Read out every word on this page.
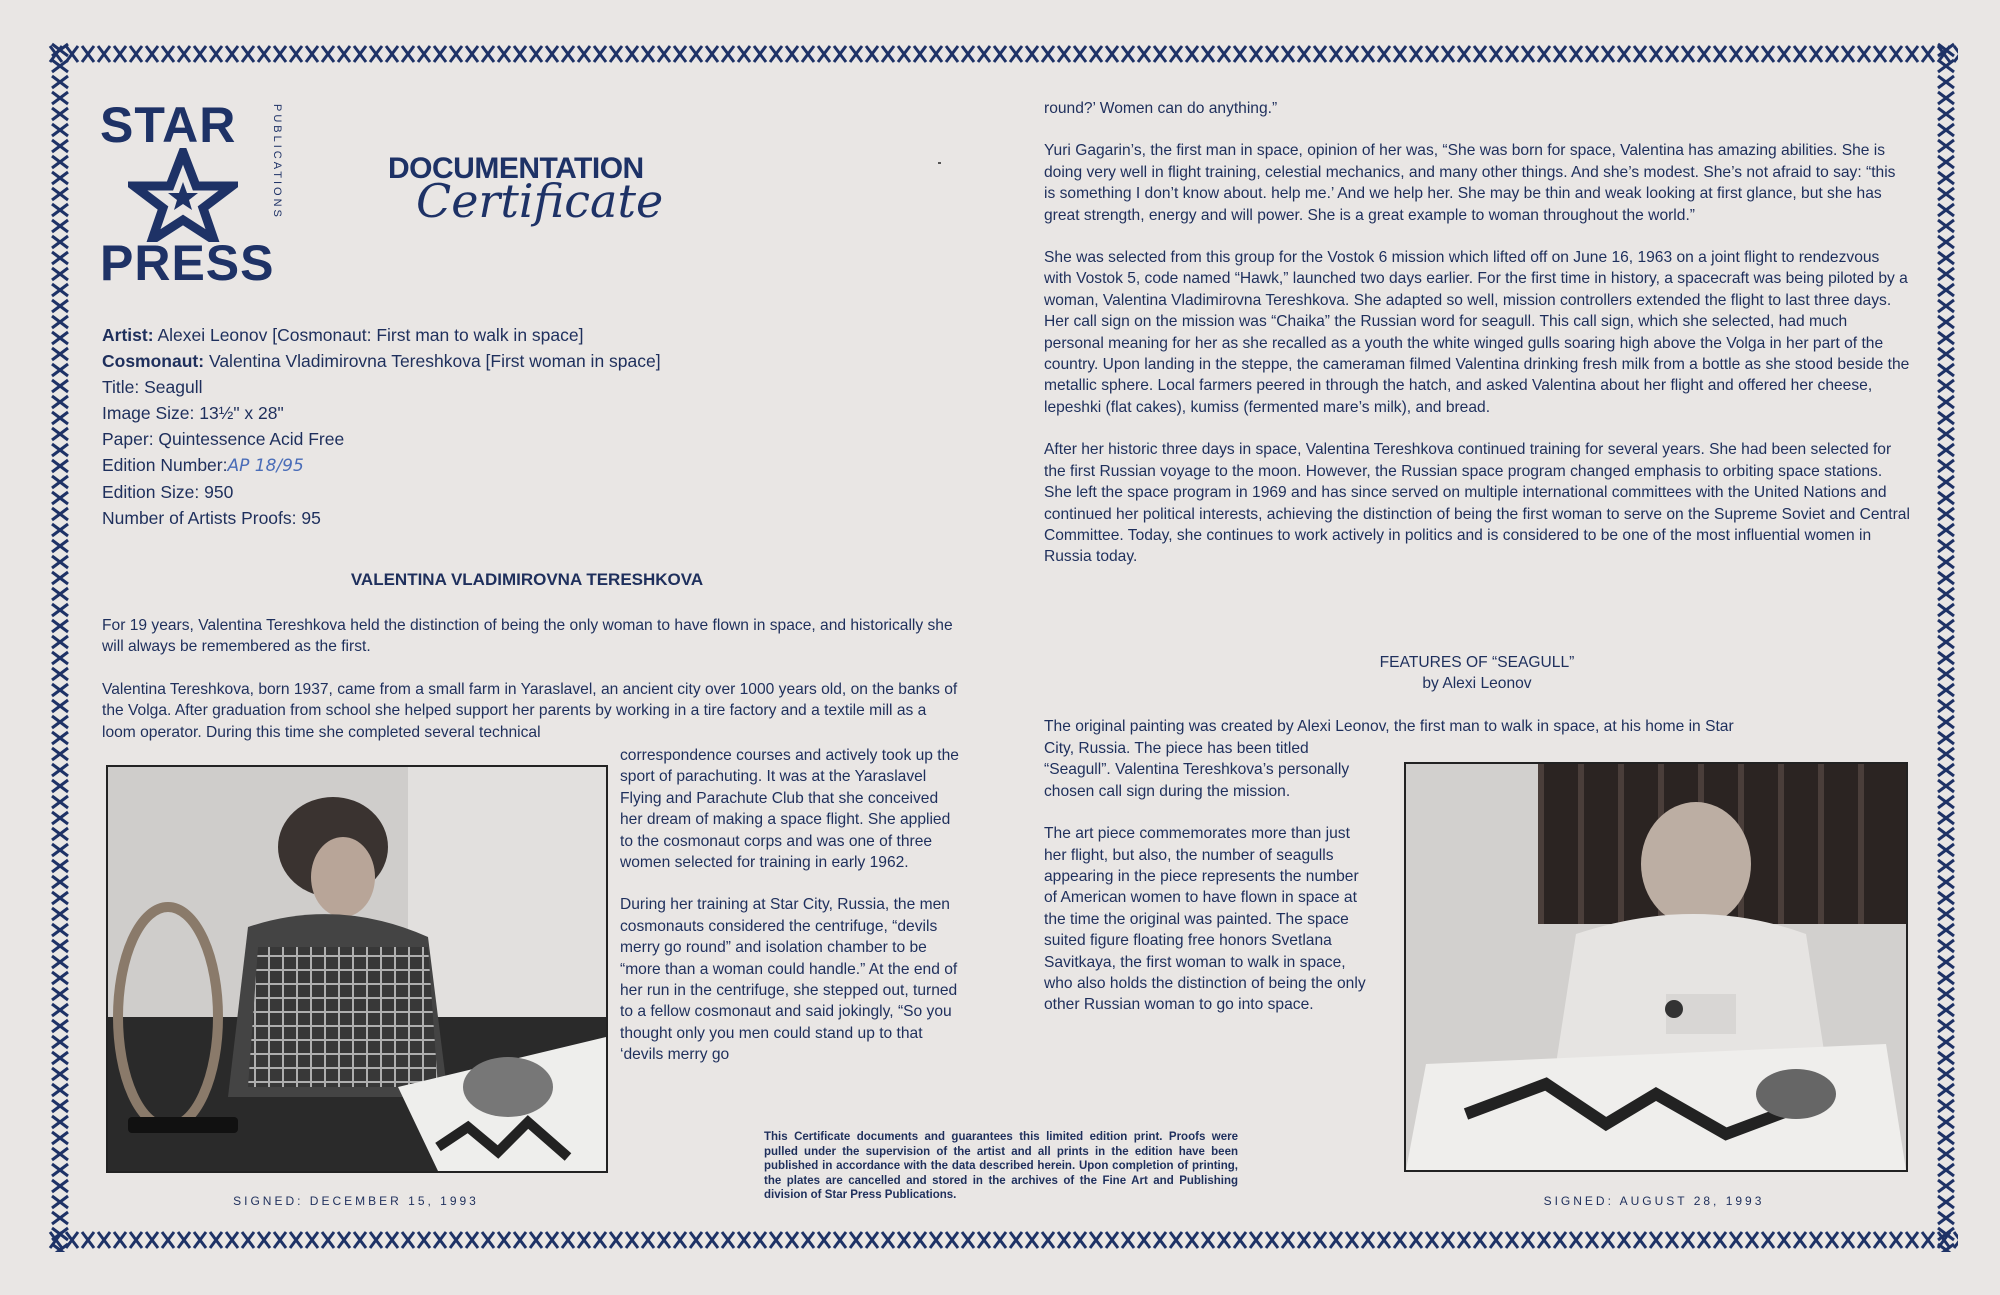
STAR
PRESS
PUBLICATIONS	DOCUMENTATION
Certificate
Artist: Alexei Leonov [Cosmonaut: First man to walk in space]
Cosmonaut: Valentina Vladimirovna Tereshkova [First woman in space]
Title: Seagull
Image Size: 13½" x 28"
Paper: Quintessence Acid Free
Edition Number:AP 18/95
Edition Size: 950
Number of Artists Proofs: 95
VALENTINA VLADIMIROVNA TERESHKOVA

For 19 years, Valentina Tereshkova held the distinction of being the only woman to have flown in space, and historically she will always be remembered as the first.

Valentina Tereshkova, born 1937, came from a small farm in Yaraslavel, an ancient city over 1000 years old, on the banks of the Volga. After graduation from school she helped support her parents by working in a tire factory and a textile mill as a loom operator. During this time she completed several technical

correspondence courses and actively took up the sport of parachuting. It was at the Yaraslavel Flying and Parachute Club that she conceived her dream of making a space flight. She applied to the cosmonaut corps and was one of three women selected for training in early 1962.

During her training at Star City, Russia, the men cosmonauts considered the centrifuge, “devils merry go round” and isolation chamber to be “more than a woman could handle.” At the end of her run in the centrifuge, she stepped out, turned to a fellow cosmonaut and said jokingly, “So you thought only you men could stand up to that ‘devils merry go

SIGNED: DECEMBER 15, 1993

round?’ Women can do anything.”

Yuri Gagarin’s, the first man in space, opinion of her was, “She was born for space, Valentina has amazing abilities. She is doing very well in flight training, celestial mechanics, and many other things. And she’s modest. She’s not afraid to say: “this is something I don’t know about. help me.’ And we help her. She may be thin and weak looking at first glance, but she has great strength, energy and will power. She is a great example to woman throughout the world.”

She was selected from this group for the Vostok 6 mission which lifted off on June 16, 1963 on a joint flight to rendezvous with Vostok 5, code named “Hawk,” launched two days earlier. For the first time in history, a spacecraft was being piloted by a woman, Valentina Vladimirovna Tereshkova. She adapted so well, mission controllers extended the flight to last three days. Her call sign on the mission was “Chaika” the Russian word for seagull. This call sign, which she selected, had much personal meaning for her as she recalled as a youth the white winged gulls soaring high above the Volga in her part of the country. Upon landing in the steppe, the cameraman filmed Valentina drinking fresh milk from a bottle as she stood beside the metallic sphere. Local farmers peered in through the hatch, and asked Valentina about her flight and offered her cheese, lepeshki (flat cakes), kumiss (fermented mare’s milk), and bread.

After her historic three days in space, Valentina Tereshkova continued training for several years. She had been selected for the first Russian voyage to the moon. However, the Russian space program changed emphasis to orbiting space stations. She left the space program in 1969 and has since served on multiple international committees with the United Nations and continued her political interests, achieving the distinction of being the first woman to serve on the Supreme Soviet and Central Committee. Today, she continues to work actively in politics and is considered to be one of the most influential women in Russia today.

FEATURES OF “SEAGULL”
by Alexi Leonov
The original painting was created by Alexi Leonov, the first man to walk in space, at his home in Star

City, Russia. The piece has been titled “Seagull”. Valentina Tereshkova’s personally chosen call sign during the mission.

The art piece commemorates more than just her flight, but also, the number of seagulls appearing in the piece represents the number of American women to have flown in space at the time the original was painted. The space suited figure floating free honors Svetlana Savitkaya, the first woman to walk in space, who also holds the distinction of being the only other Russian woman to go into space.

SIGNED: AUGUST 28, 1993
This Certificate documents and guarantees this limited edition print. Proofs were pulled under the supervision of the artist and all prints in the edition have been published in accordance with the data described herein. Upon completion of printing, the plates are cancelled and stored in the archives of the Fine Art and Publishing division of Star Press Publications.
